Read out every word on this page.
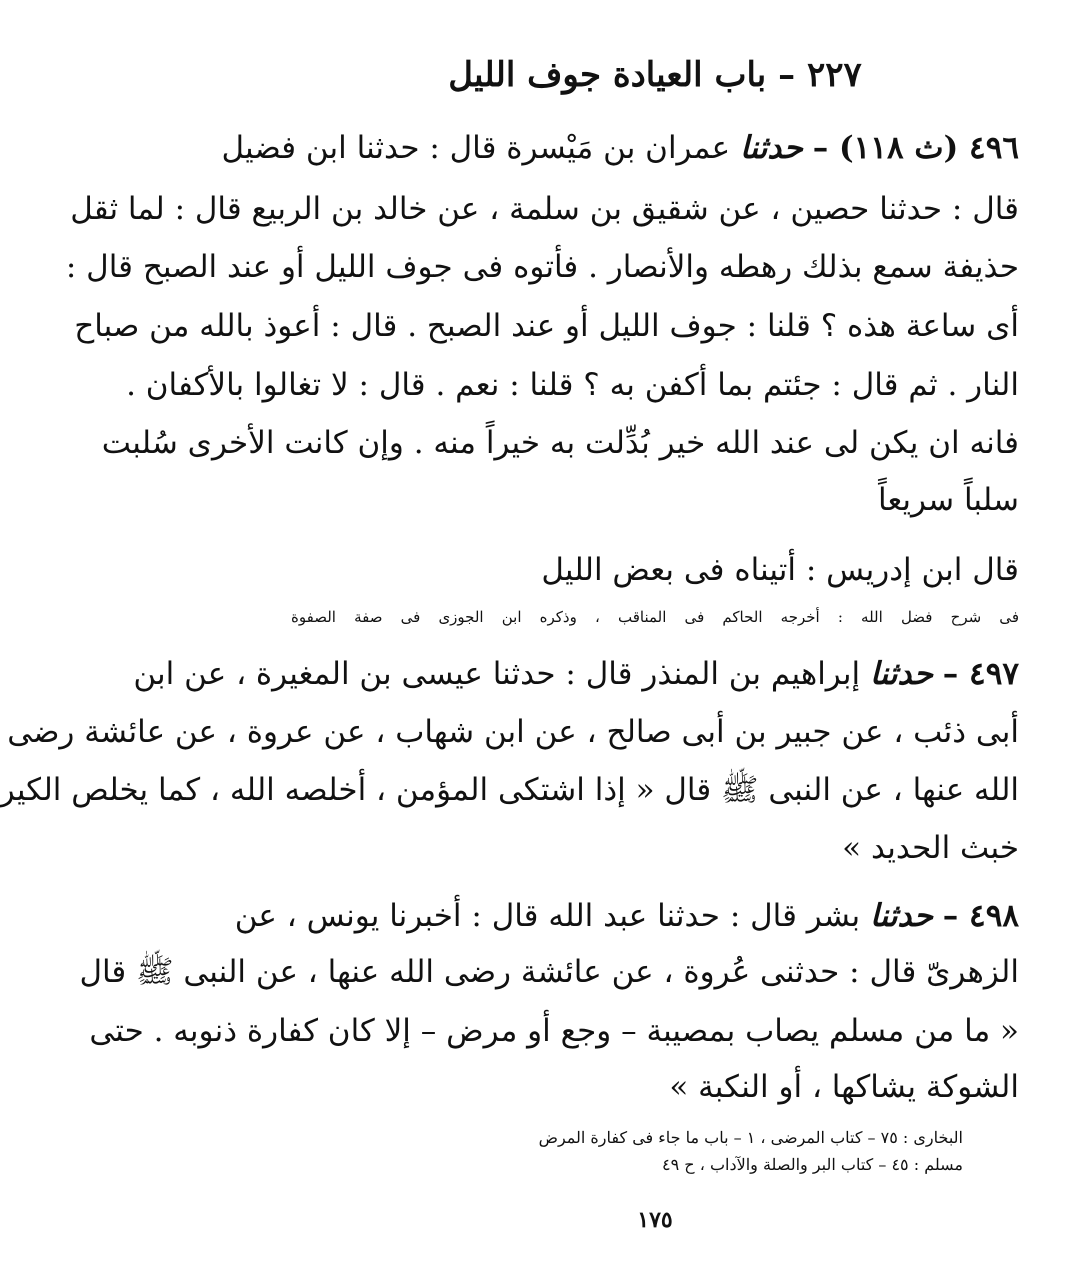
٢٢٧ – باب العيادة جوف الليل
٤٩٦ (ث ١١٨) – حدثنا عمران بن مَيْسرة قال : حدثنا ابن فضيل
قال : حدثنا حصين ، عن شقيق بن سلمة ، عن خالد بن الربيع قال : لما ثقل
حذيفة سمع بذلك رهطه والأنصار . فأتوه فى جوف الليل أو عند الصبح قال :
أى ساعة هذه ؟ قلنا : جوف الليل أو عند الصبح . قال : أعوذ بالله من صباح
النار . ثم قال : جئتم بما أكفن به ؟ قلنا : نعم . قال : لا تغالوا بالأكفان .
فانه ان يكن لى عند الله خير بُدِّلت به خيراً منه . وإن كانت الأخرى سُلبت
سلباً سريعاً
قال ابن إدريس : أتيناه فى بعض الليل
فى شرح فضل الله : أخرجه الحاكم فى المناقب ، وذكره ابن الجوزى فى صفة الصفوة
٤٩٧ – حدثنا إبراهيم بن المنذر قال : حدثنا عيسى بن المغيرة ، عن ابن
أبى ذئب ، عن جبير بن أبى صالح ، عن ابن شهاب ، عن عروة ، عن عائشة رضى
الله عنها ، عن النبى ﷺ قال « إذا اشتكى المؤمن ، أخلصه الله ، كما يخلص الكير
خبث الحديد »
٤٩٨ – حدثنا بشر قال : حدثنا عبد الله قال : أخبرنا يونس ، عن
الزهرىّ قال : حدثنى عُروة ، عن عائشة رضى الله عنها ، عن النبى ﷺ قال
« ما من مسلم يصاب بمصيبة – وجع أو مرض – إلا كان كفارة ذنوبه . حتى
الشوكة يشاكها ، أو النكبة »
البخارى : ٧٥ – كتاب المرضى ، ١ – باب ما جاء فى كفارة المرض
مسلم : ٤٥ – كتاب البر والصلة والآداب ، ح ٤٩
١٧٥
